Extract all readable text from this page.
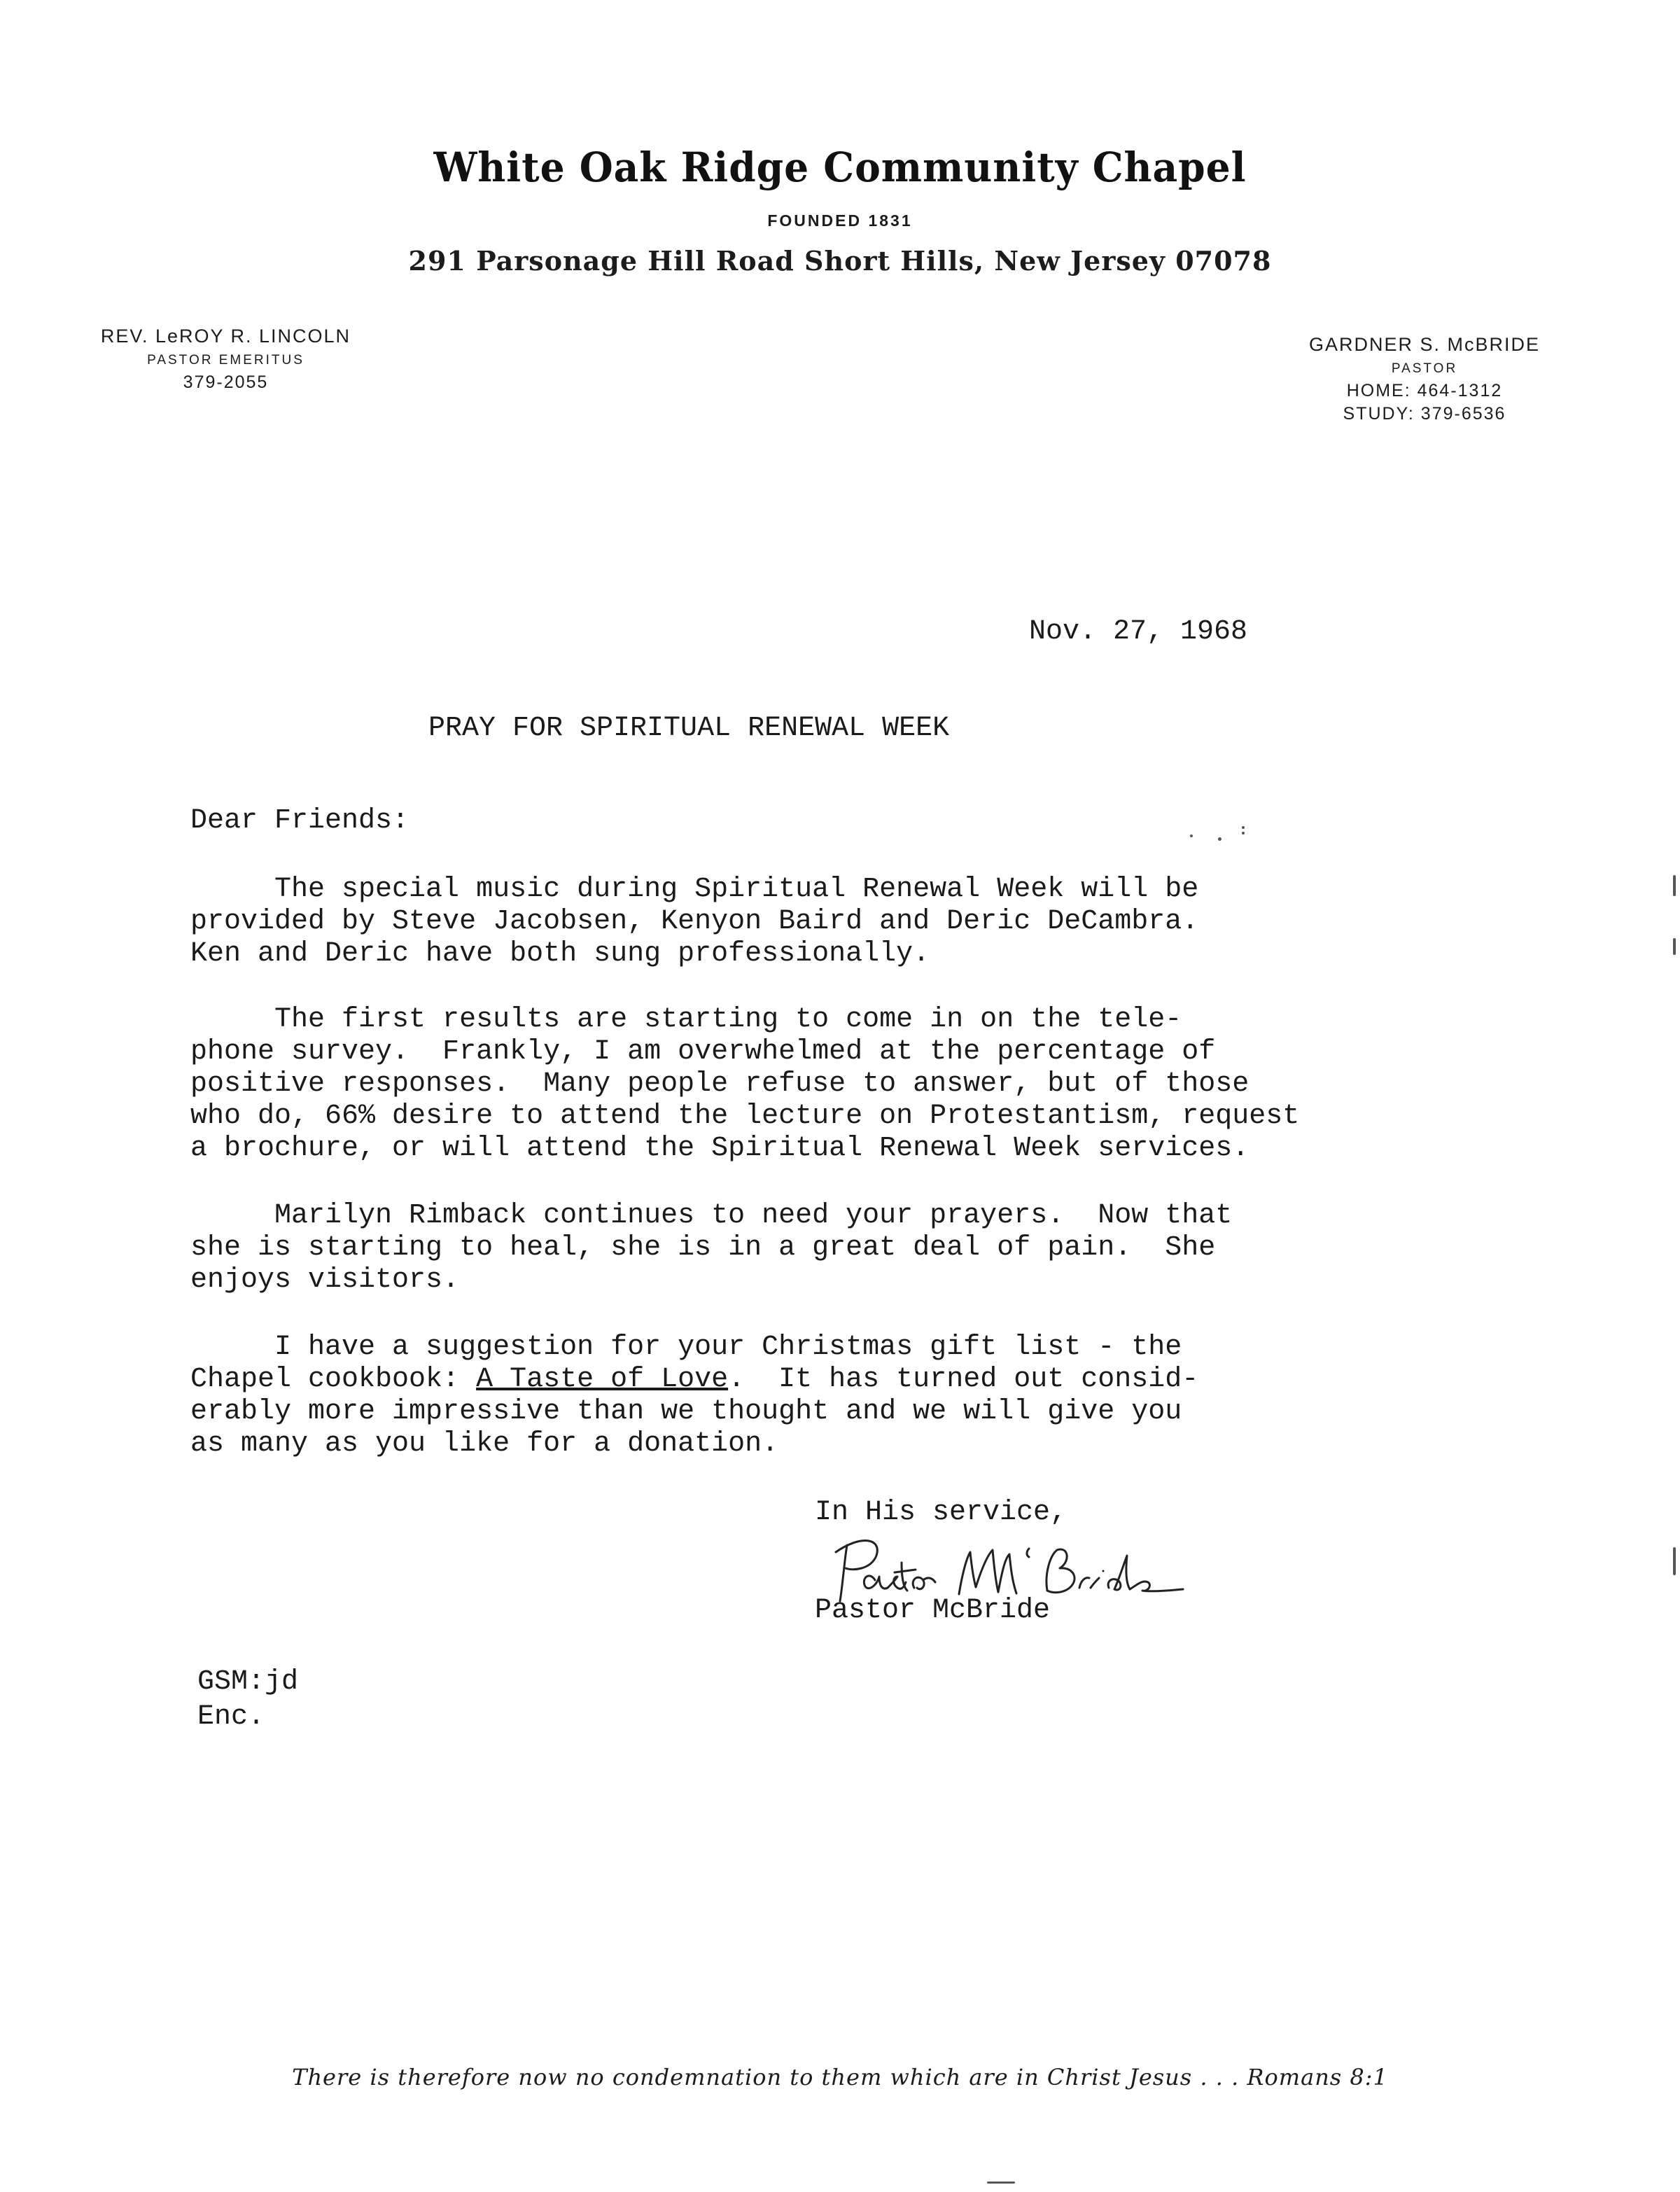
White Oak Ridge Community Chapel
FOUNDED 1831
291 Parsonage Hill Road Short Hills, New Jersey 07078
REV. LeROY R. LINCOLN
PASTOR EMERITUS
379-2055
GARDNER S. McBRIDE
PASTOR
HOME: 464-1312
STUDY: 379-6536
Nov. 27, 1968
PRAY FOR SPIRITUAL RENEWAL WEEK
Dear Friends:
The special music during Spiritual Renewal Week will be
provided by Steve Jacobsen, Kenyon Baird and Deric DeCambra.
Ken and Deric have both sung professionally.
The first results are starting to come in on the tele-
phone survey.  Frankly, I am overwhelmed at the percentage of
positive responses.  Many people refuse to answer, but of those
who do, 66% desire to attend the lecture on Protestantism, request
a brochure, or will attend the Spiritual Renewal Week services.
Marilyn Rimback continues to need your prayers.  Now that
she is starting to heal, she is in a great deal of pain.  She
enjoys visitors.
I have a suggestion for your Christmas gift list - the
Chapel cookbook: A Taste of Love.  It has turned out consid-
erably more impressive than we thought and we will give you
as many as you like for a donation.
In His service,
Pastor McBride
GSM:jd
Enc.
There is therefore now no condemnation to them which are in Christ Jesus . . . Romans 8:1
